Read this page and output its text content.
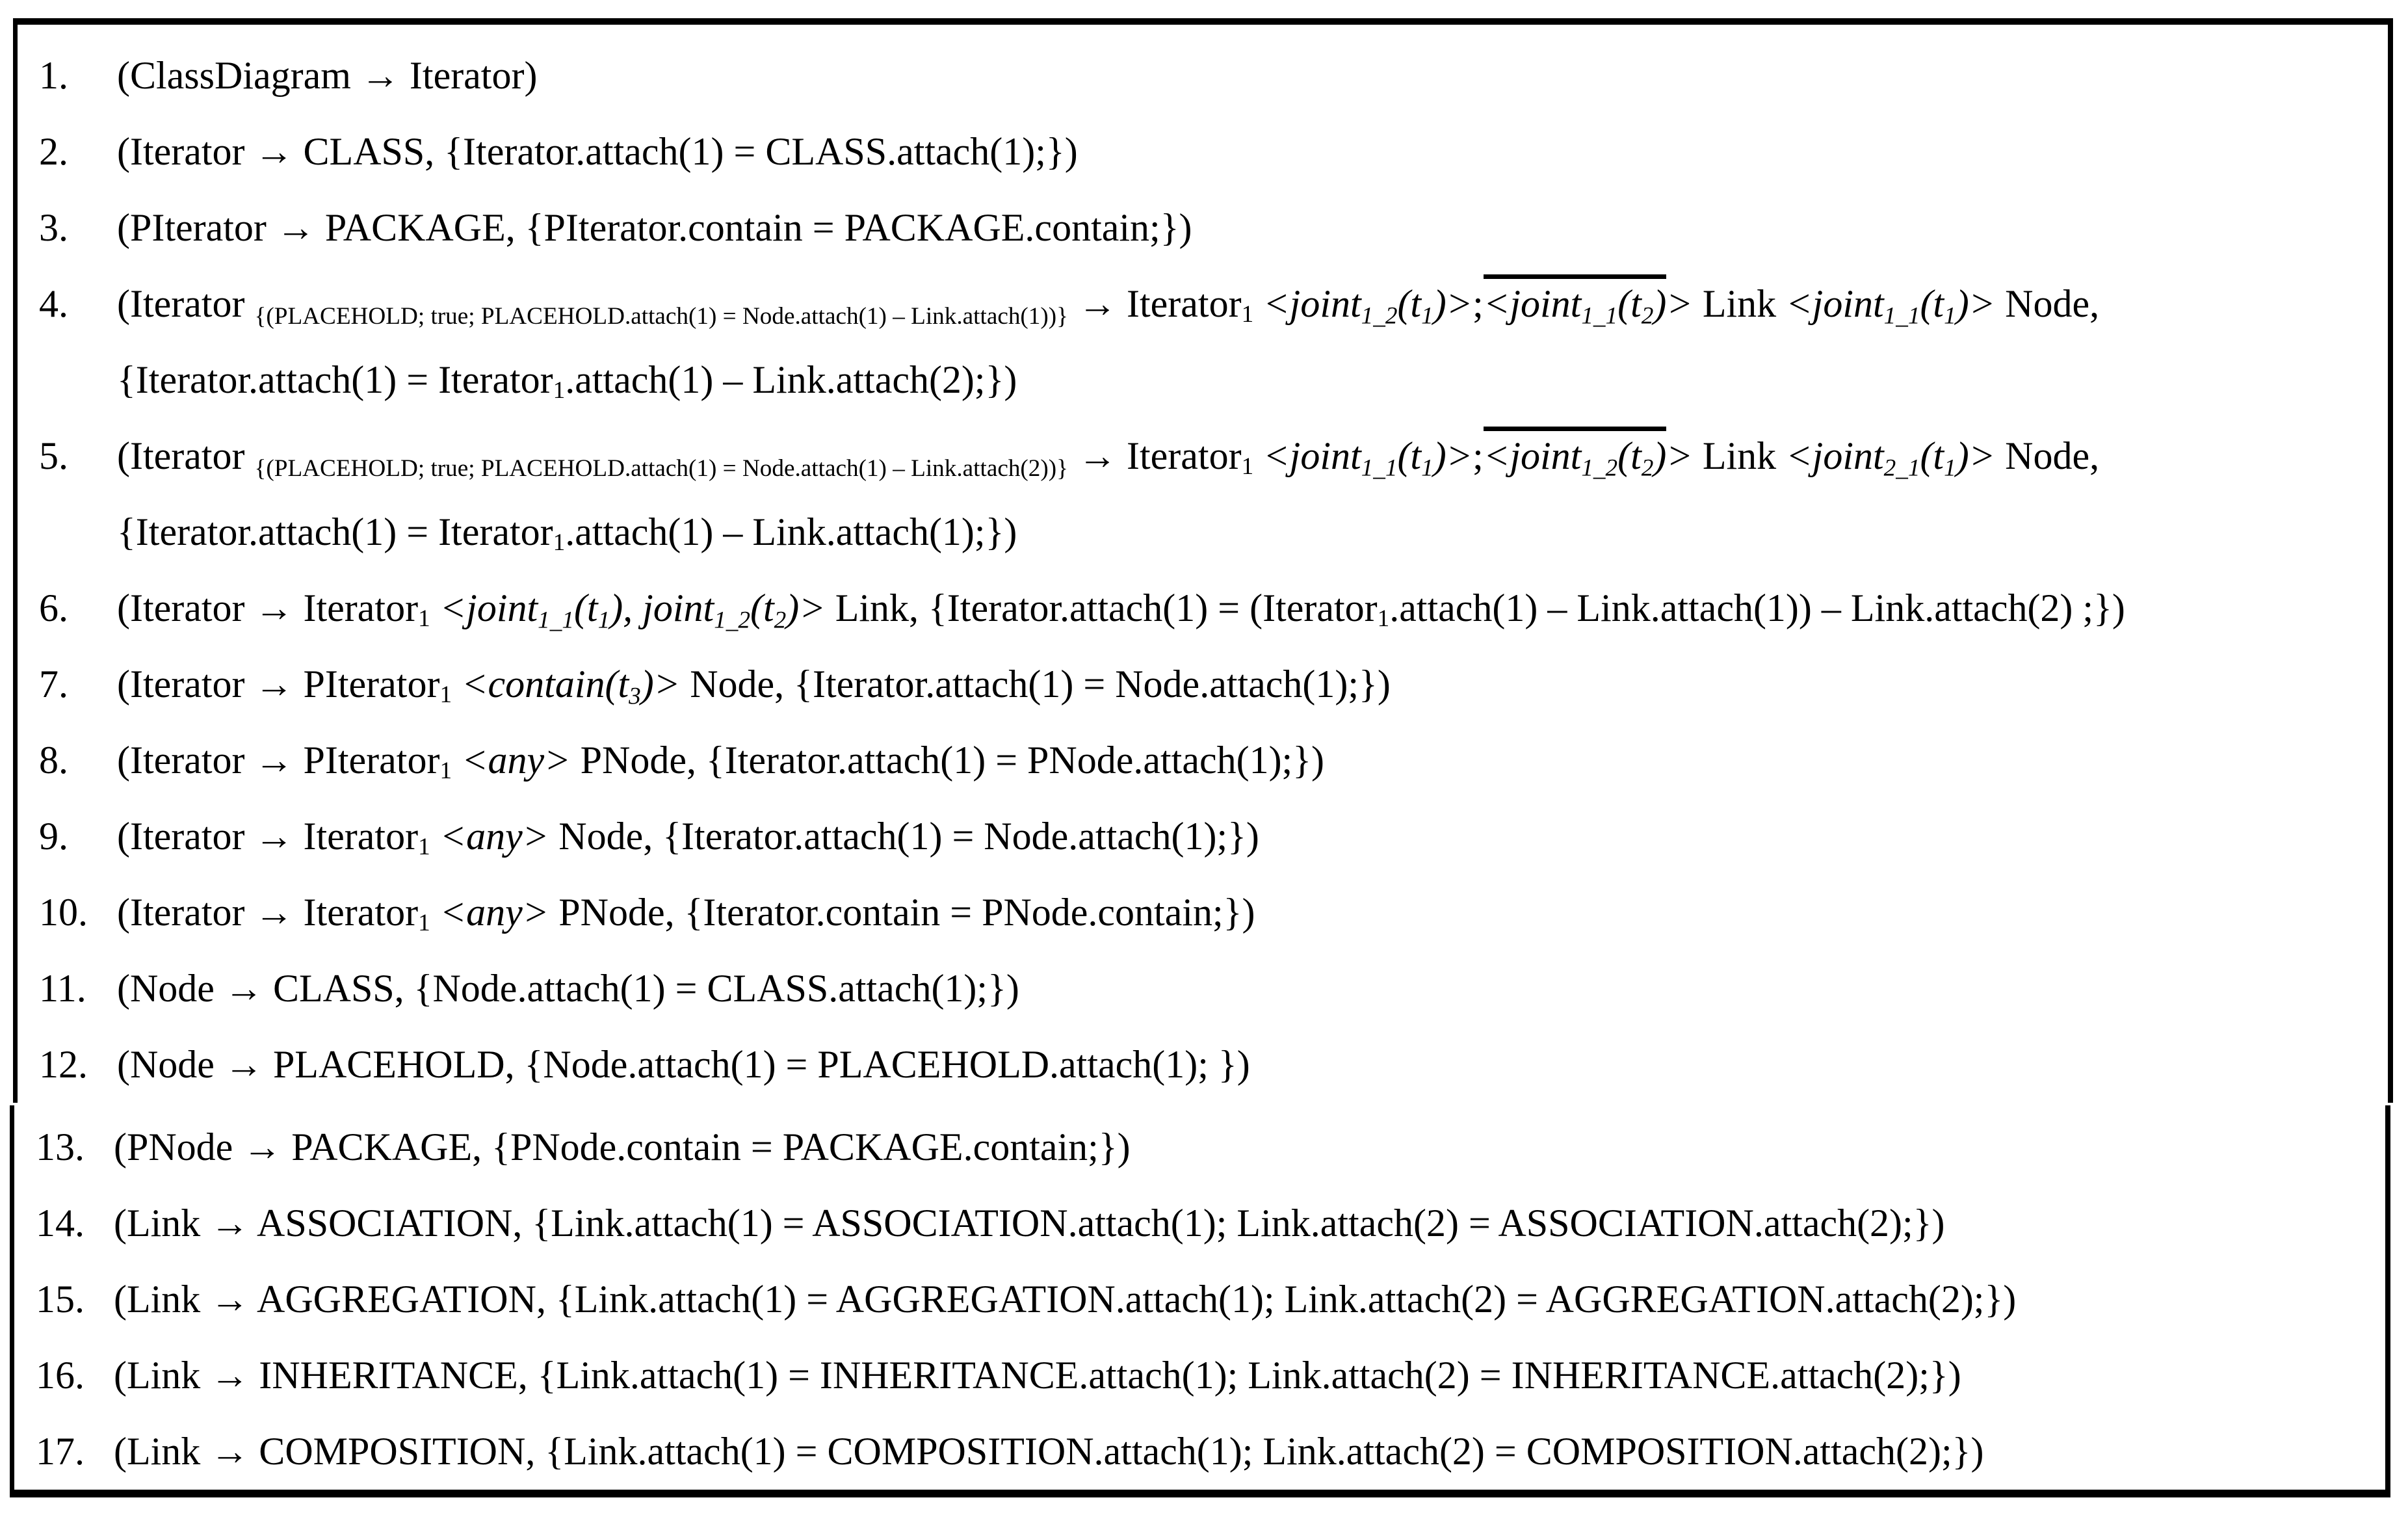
1. (ClassDiagram → Iterator)
2. (Iterator → CLASS, {Iterator.attach(1) = CLASS.attach(1);})
3. (PIterator → PACKAGE, {PIterator.contain = PACKAGE.contain;})
4. (Iterator {(PLACEHOLD; true; PLACEHOLD.attach(1) = Node.attach(1) – Link.attach(1))} → Iterator1 <joint1_2(t1)>;<joint1_1(t2)> Link <joint1_1(t1)> Node,
{Iterator.attach(1) = Iterator1.attach(1) – Link.attach(2);})
5. (Iterator {(PLACEHOLD; true; PLACEHOLD.attach(1) = Node.attach(1) – Link.attach(2))} → Iterator1 <joint1_1(t1)>;<joint1_2(t2)> Link <joint2_1(t1)> Node,
{Iterator.attach(1) = Iterator1.attach(1) – Link.attach(1);})
6. (Iterator → Iterator1 <joint1_1(t1), joint1_2(t2)> Link, {Iterator.attach(1) = (Iterator1.attach(1) – Link.attach(1)) – Link.attach(2) ;})
7. (Iterator → PIterator1 <contain(t3)> Node, {Iterator.attach(1) = Node.attach(1);})
8. (Iterator → PIterator1 <any> PNode, {Iterator.attach(1) = PNode.attach(1);})
9. (Iterator → Iterator1 <any> Node, {Iterator.attach(1) = Node.attach(1);})
10. (Iterator → Iterator1 <any> PNode, {Iterator.contain = PNode.contain;})
11. (Node → CLASS, {Node.attach(1) = CLASS.attach(1);})
12. (Node → PLACEHOLD, {Node.attach(1) = PLACEHOLD.attach(1); })
13. (PNode → PACKAGE, {PNode.contain = PACKAGE.contain;})
14. (Link → ASSOCIATION, {Link.attach(1) = ASSOCIATION.attach(1); Link.attach(2) = ASSOCIATION.attach(2);})
15. (Link → AGGREGATION, {Link.attach(1) = AGGREGATION.attach(1); Link.attach(2) = AGGREGATION.attach(2);})
16. (Link → INHERITANCE, {Link.attach(1) = INHERITANCE.attach(1); Link.attach(2) = INHERITANCE.attach(2);})
17. (Link → COMPOSITION, {Link.attach(1) = COMPOSITION.attach(1); Link.attach(2) = COMPOSITION.attach(2);})
